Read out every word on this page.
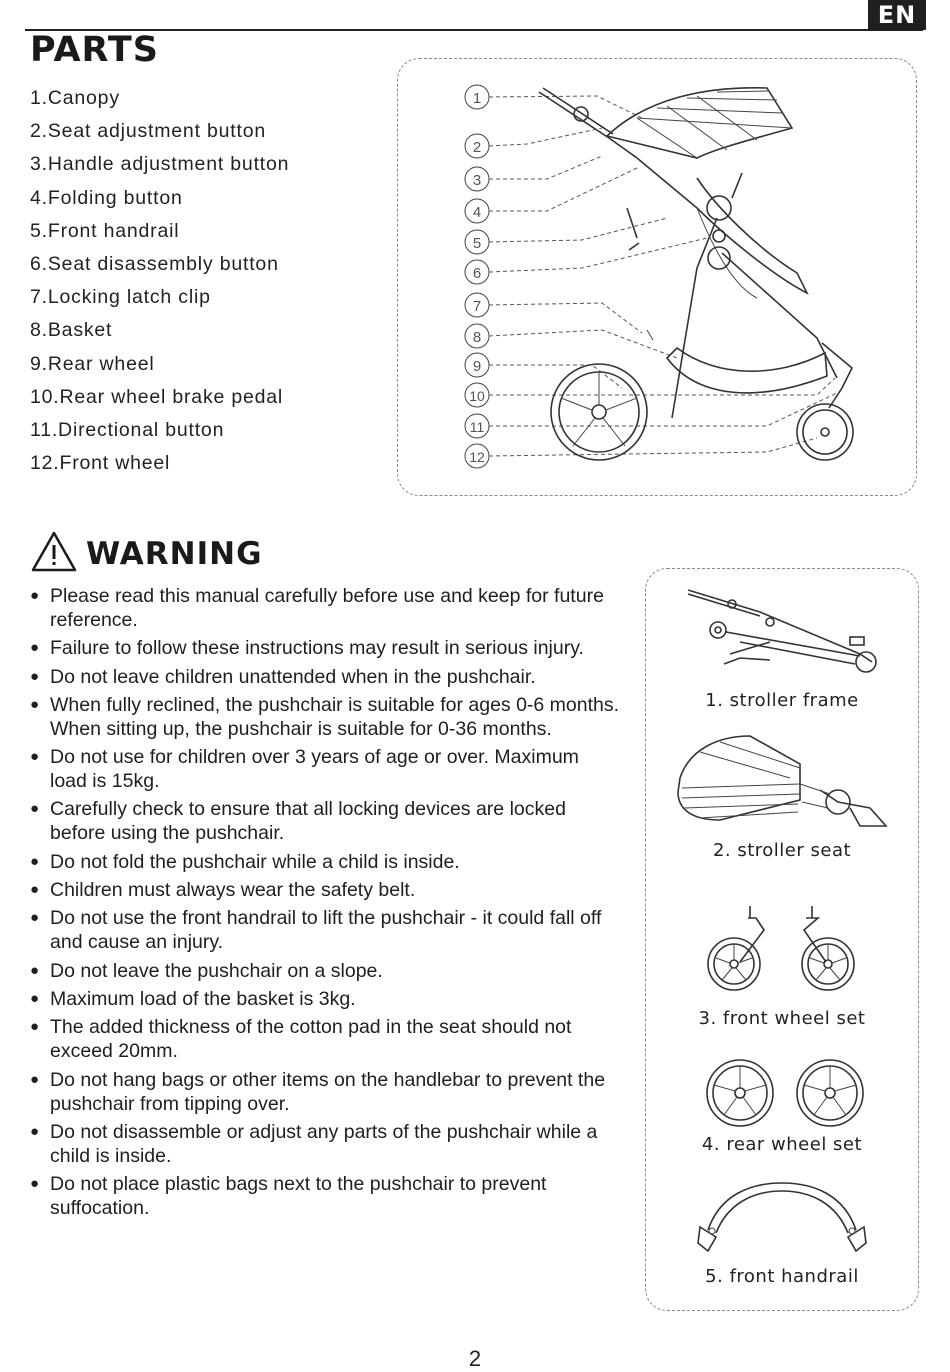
EN
PARTS
1.Canopy
2.Seat adjustment button
3.Handle adjustment button
4.Folding button
5.Front handrail
6.Seat disassembly button
7.Locking latch clip
8.Basket
9.Rear wheel
10.Rear wheel brake pedal
11.Directional button
12.Front wheel
1
2
3
4
5
6
7
8
9
10
11
12
WARNING
● Please read this manual carefully before use and keep for future reference.
● Failure to follow these instructions may result in serious injury.
● Do not leave children unattended when in the pushchair.
● When fully reclined, the pushchair is suitable for ages 0-6 months. When sitting up, the pushchair is suitable for 0-36 months.
● Do not use for children over 3 years of age or over. Maximum load is 15kg.
● Carefully check to ensure that all locking devices are locked before using the pushchair.
● Do not fold the pushchair while a child is inside.
● Children must always wear the safety belt.
● Do not use the front handrail to lift the pushchair - it could fall off and cause an injury.
● Do not leave the pushchair on a slope.
● Maximum load of the basket is 3kg.
● The added thickness of the cotton pad in the seat should not exceed 20mm.
● Do not hang bags or other items on the handlebar to prevent the pushchair from tipping over.
● Do not disassemble or adjust any parts of the pushchair while a child is inside.
● Do not place plastic bags next to the pushchair to prevent suffocation.
1. stroller frame
2. stroller seat
3. front wheel set
4. rear wheel set
5. front handrail
2
